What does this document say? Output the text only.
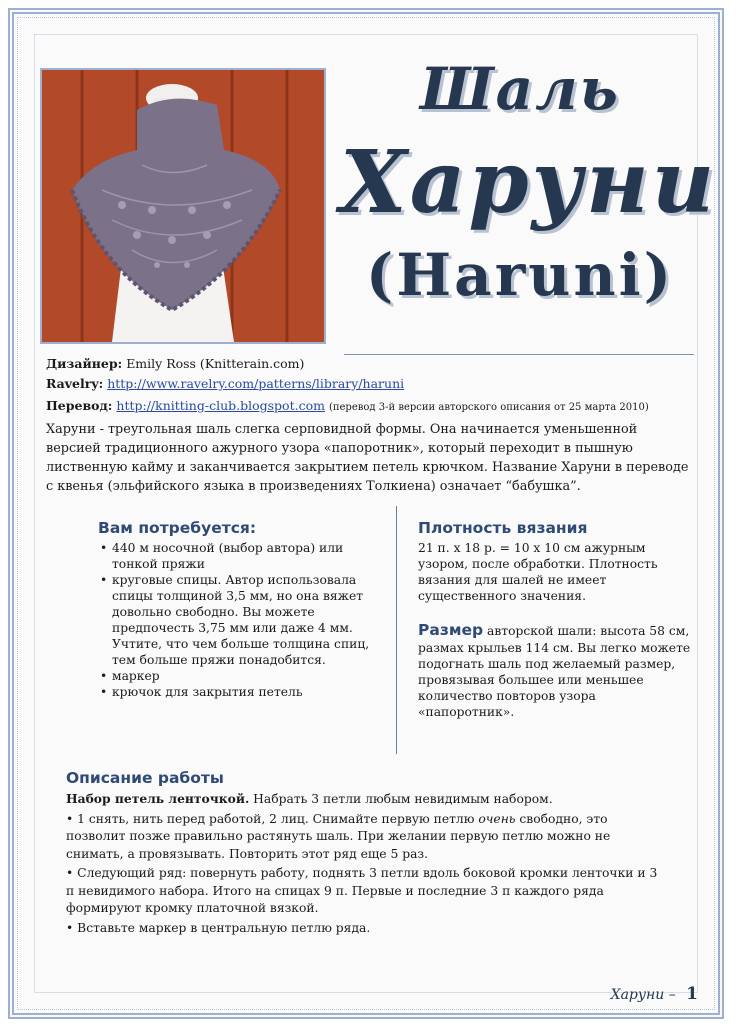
Шаль
Харуни
(Haruni)
Дизайнер: Emily Ross (Knitterain.com)
Ravelry: http://www.ravelry.com/patterns/library/haruni
Перевод: http://knitting-club.blogspot.com (перевод 3-й версии авторского описания от 25 марта 2010)
Харуни - треугольная шаль слегка серповидной формы. Она начинается уменьшенной версией традиционного ажурного узора «папоротник», который переходит в пышную лиственную кайму и заканчивается закрытием петель крючком. Название Харуни в переводе с квенья (эльфийского языка в произведениях Толкиена) означает “бабушка”.
Вам потребуется:
• 440 м носочной (выбор автора) или тонкой пряжи
• круговые спицы. Автор использовала спицы толщиной 3,5 мм, но она вяжет довольно свободно. Вы можете предпочесть 3,75 мм или даже 4 мм. Учтите, что чем больше толщина спиц, тем больше пряжи понадобится.
• маркер
• крючок для закрытия петель
Плотность вязания

21 п. х 18 р. = 10 х 10 см ажурным узором, после обработки. Плотность вязания для шалей не имеет существенного значения.

Размер авторской шали: высота 58 см, размах крыльев 114 см. Вы легко можете подогнать шаль под желаемый размер, провязывая большее или меньшее количество повторов узора «папоротник».

Описание работы

Набор петель ленточкой. Набрать 3 петли любым невидимым набором.

• 1 снять, нить перед работой, 2 лиц. Снимайте первую петлю очень свободно, это позволит позже правильно растянуть шаль. При желании первую петлю можно не снимать, а провязывать. Повторить этот ряд еще 5 раз.

• Следующий ряд: повернуть работу, поднять 3 петли вдоль боковой кромки ленточки и 3 п невидимого набора. Итого на спицах 9 п. Первые и последние 3 п каждого ряда формируют кромку платочной вязкой.

• Вставьте маркер в центральную петлю ряда.

Харуни – 1
